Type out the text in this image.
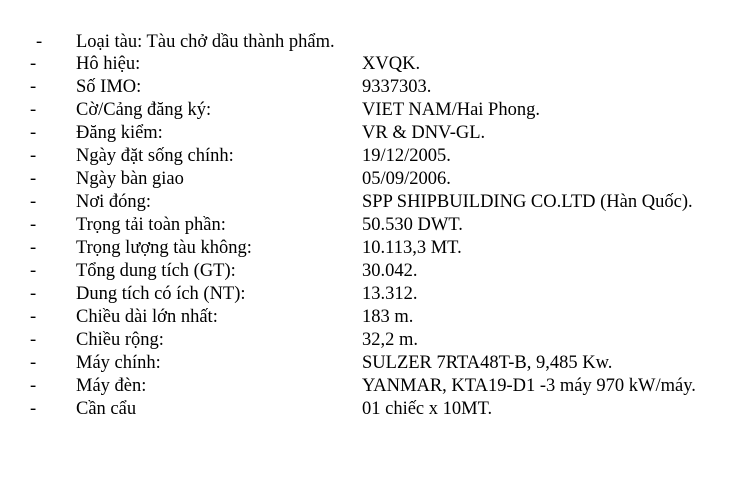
- Loại tàu: Tàu chở dầu thành phẩm.
- Hô hiệu:	XVQK.
- Số IMO:	9337303.
- Cờ/Cảng đăng ký:	VIET NAM/Hai Phong.
- Đăng kiểm:	VR & DNV-GL.
- Ngày đặt sống chính:	19/12/2005.
- Ngày bàn giao	05/09/2006.
- Nơi đóng:	SPP SHIPBUILDING CO.LTD (Hàn Quốc).
- Trọng tải toàn phần:	50.530 DWT.
- Trọng lượng tàu không:	10.113,3 MT.
- Tổng dung tích (GT):	30.042.
- Dung tích có ích (NT):	13.312.
- Chiều dài lớn nhất:	183 m.
- Chiều rộng:	32,2 m.
- Máy chính:	SULZER 7RTA48T-B, 9,485 Kw.
- Máy đèn:	YANMAR, KTA19-D1 -3 máy 970 kW/máy.
- Cần cẩu	01 chiếc x 10MT.
